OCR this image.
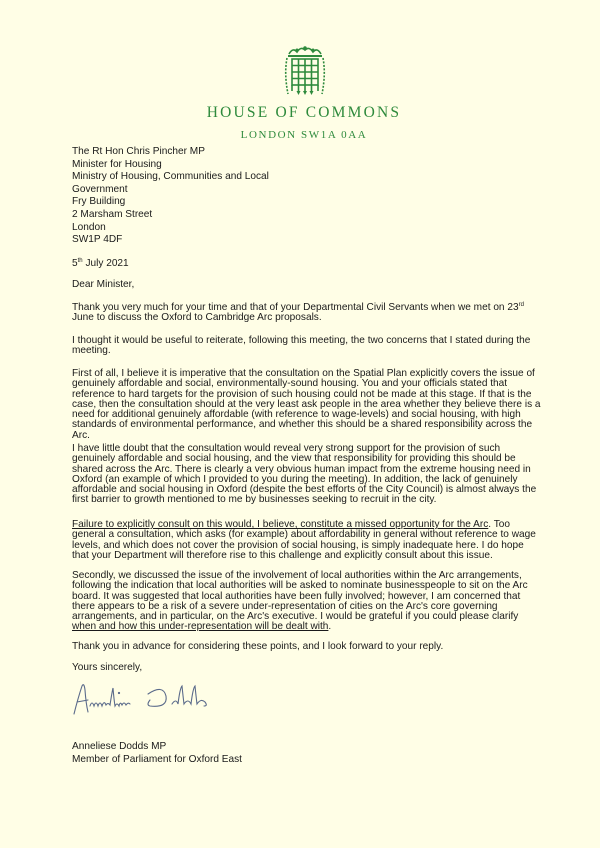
HOUSE OF COMMONS
LONDON SW1A 0AA
The Rt Hon Chris Pincher MP
Minister for Housing
Ministry of Housing, Communities and Local
Government
Fry Building
2 Marsham Street
London
SW1P 4DF
5th July 2021
Dear Minister,
Thank you very much for your time and that of your Departmental Civil Servants when we met on 23rd June to discuss the Oxford to Cambridge Arc proposals.
I thought it would be useful to reiterate, following this meeting, the two concerns that I stated during the meeting.
First of all, I believe it is imperative that the consultation on the Spatial Plan explicitly covers the issue of genuinely affordable and social, environmentally-sound housing. You and your officials stated that reference to hard targets for the provision of such housing could not be made at this stage. If that is the case, then the consultation should at the very least ask people in the area whether they believe there is a need for additional genuinely affordable (with reference to wage-levels) and social housing, with high standards of environmental performance, and whether this should be a shared responsibility across the Arc.
I have little doubt that the consultation would reveal very strong support for the provision of such genuinely affordable and social housing, and the view that responsibility for providing this should be shared across the Arc. There is clearly a very obvious human impact from the extreme housing need in Oxford (an example of which I provided to you during the meeting). In addition, the lack of genuinely affordable and social housing in Oxford (despite the best efforts of the City Council) is almost always the first barrier to growth mentioned to me by businesses seeking to recruit in the city.
Failure to explicitly consult on this would, I believe, constitute a missed opportunity for the Arc. Too general a consultation, which asks (for example) about affordability in general without reference to wage levels, and which does not cover the provision of social housing, is simply inadequate here. I do hope that your Department will therefore rise to this challenge and explicitly consult about this issue.
Secondly, we discussed the issue of the involvement of local authorities within the Arc arrangements, following the indication that local authorities will be asked to nominate businesspeople to sit on the Arc board. It was suggested that local authorities have been fully involved; however, I am concerned that there appears to be a risk of a severe under-representation of cities on the Arc's core governing arrangements, and in particular, on the Arc's executive. I would be grateful if you could please clarify when and how this under-representation will be dealt with.
Thank you in advance for considering these points, and I look forward to your reply.
Yours sincerely,
Anneliese Dodds MP
Member of Parliament for Oxford East
